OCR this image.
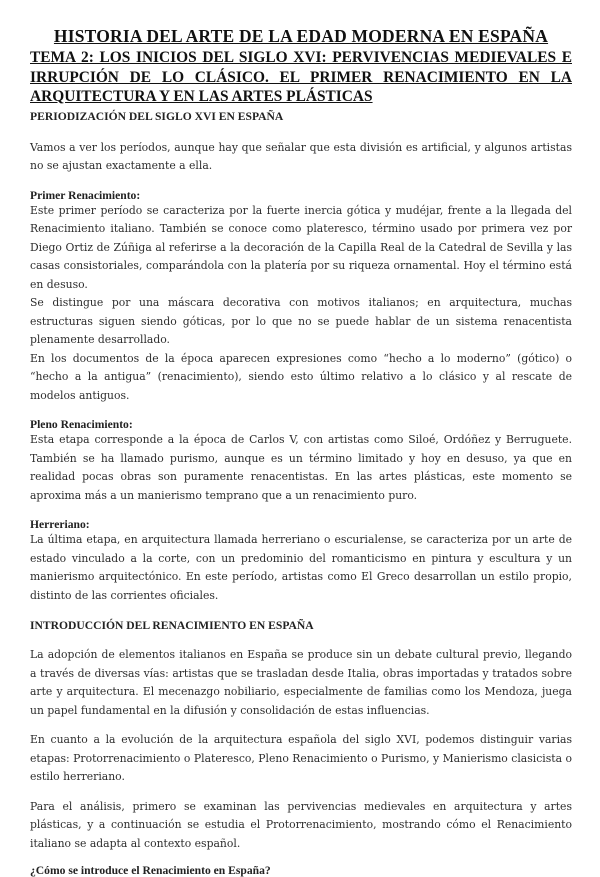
HISTORIA DEL ARTE DE LA EDAD MODERNA EN ESPAÑA
TEMA 2: LOS INICIOS DEL SIGLO XVI: PERVIVENCIAS MEDIEVALES E IRRUPCIÓN DE LO CLÁSICO. EL PRIMER RENACIMIENTO EN LA ARQUITECTURA Y EN LAS ARTES PLÁSTICAS
PERIODIZACIÓN DEL SIGLO XVI EN ESPAÑA

Vamos a ver los períodos, aunque hay que señalar que esta división es artificial, y algunos artistas no se ajustan exactamente a ella.

Primer Renacimiento:

Este primer período se caracteriza por la fuerte inercia gótica y mudéjar, frente a la llegada del Renacimiento italiano. También se conoce como plateresco, término usado por primera vez por Diego Ortiz de Zúñiga al referirse a la decoración de la Capilla Real de la Catedral de Sevilla y las casas consistoriales, comparándola con la platería por su riqueza ornamental. Hoy el término está en desuso.

Se distingue por una máscara decorativa con motivos italianos; en arquitectura, muchas estructuras siguen siendo góticas, por lo que no se puede hablar de un sistema renacentista plenamente desarrollado.

En los documentos de la época aparecen expresiones como “hecho a lo moderno” (gótico) o “hecho a la antigua” (renacimiento), siendo esto último relativo a lo clásico y al rescate de modelos antiguos.

Pleno Renacimiento:

Esta etapa corresponde a la época de Carlos V, con artistas como Siloé, Ordóñez y Berruguete. También se ha llamado purismo, aunque es un término limitado y hoy en desuso, ya que en realidad pocas obras son puramente renacentistas. En las artes plásticas, este momento se aproxima más a un manierismo temprano que a un renacimiento puro.

Herreriano:

La última etapa, en arquitectura llamada herreriano o escurialense, se caracteriza por un arte de estado vinculado a la corte, con un predominio del romanticismo en pintura y escultura y un manierismo arquitectónico. En este período, artistas como El Greco desarrollan un estilo propio, distinto de las corrientes oficiales.

INTRODUCCIÓN DEL RENACIMIENTO EN ESPAÑA

La adopción de elementos italianos en España se produce sin un debate cultural previo, llegando a través de diversas vías: artistas que se trasladan desde Italia, obras importadas y tratados sobre arte y arquitectura. El mecenazgo nobiliario, especialmente de familias como los Mendoza, juega un papel fundamental en la difusión y consolidación de estas influencias.

En cuanto a la evolución de la arquitectura española del siglo XVI, podemos distinguir varias etapas: Protorrenacimiento o Plateresco, Pleno Renacimiento o Purismo, y Manierismo clasicista o estilo herreriano.

Para el análisis, primero se examinan las pervivencias medievales en arquitectura y artes plásticas, y a continuación se estudia el Protorrenacimiento, mostrando cómo el Renacimiento italiano se adapta al contexto español.

¿Cómo se introduce el Renacimiento en España?
